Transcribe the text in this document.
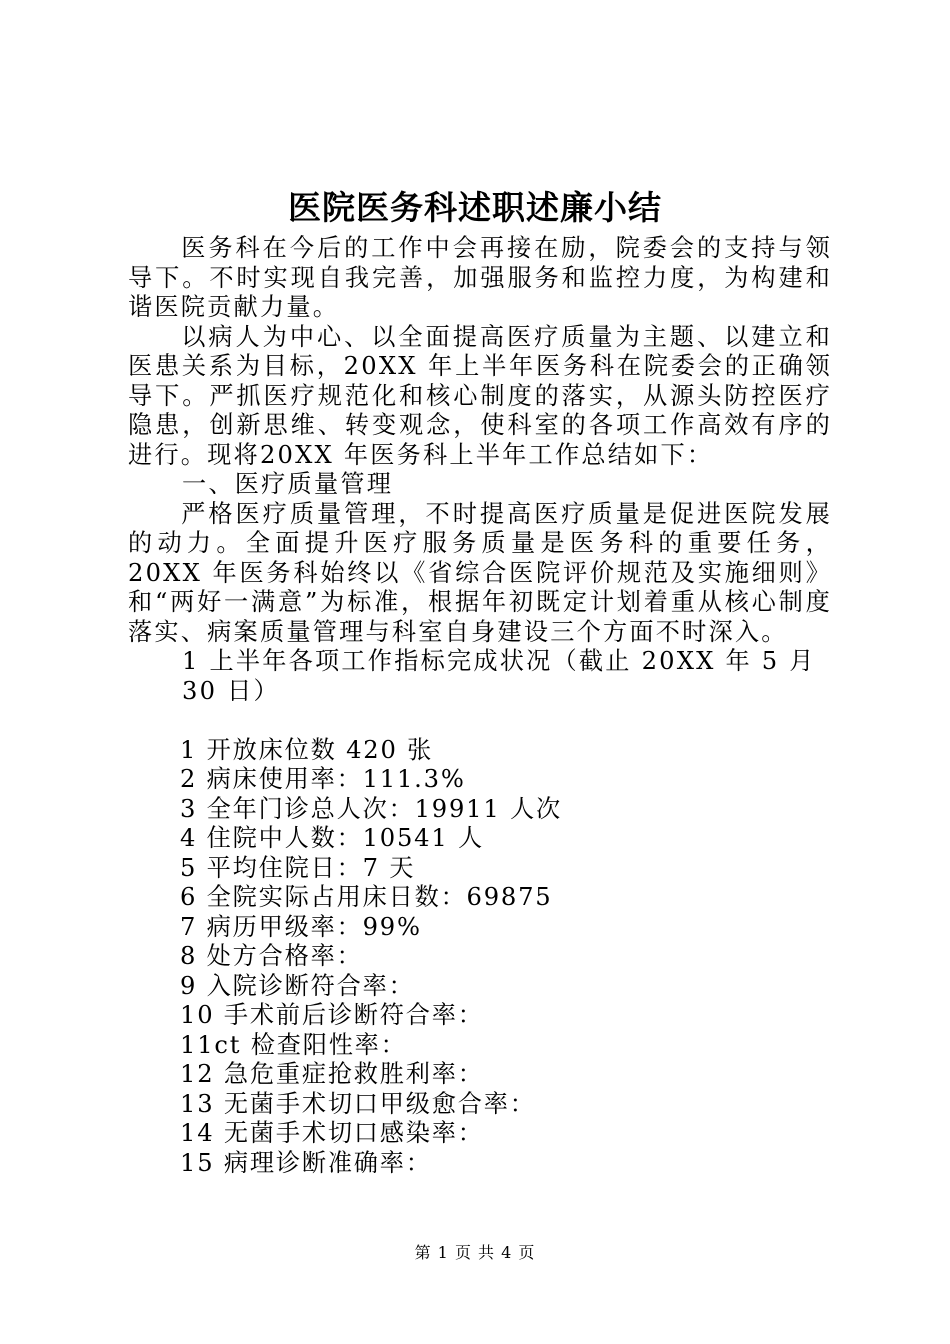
医院医务科述职述廉小结

医务科在今后的工作中会再接在励，院委会的支持与领导下。不时实现自我完善，加强服务和监控力度，为构建和谐医院贡献力量。

以病人为中心、以全面提高医疗质量为主题、以建立和医患关系为目标，20XX 年上半年医务科在院委会的正确领导下。严抓医疗规范化和核心制度的落实，从源头防控医疗隐患，创新思维、转变观念，使科室的各项工作高效有序的进行。现将20XX 年医务科上半年工作总结如下：

一、医疗质量管理

严格医疗质量管理，不时提高医疗质量是促进医院发展的动力。全面提升医疗服务质量是医务科的重要任务，20XX 年医务科始终以《省综合医院评价规范及实施细则》和“两好一满意”为标准，根据年初既定计划着重从核心制度落实、病案质量管理与科室自身建设三个方面不时深入。

1 上半年各项工作指标完成状况（截止 20XX 年 5 月 30 日）

1 开放床位数 420 张
2 病床使用率：111.3%
3 全年门诊总人次：19911 人次
4 住院中人数：10541 人
5 平均住院日：7 天
6 全院实际占用床日数：69875
7 病历甲级率：99%
8 处方合格率：
9 入院诊断符合率：
10 手术前后诊断符合率：
11ct 检查阳性率：
12 急危重症抢救胜利率：
13 无菌手术切口甲级愈合率：
14 无菌手术切口感染率：
15 病理诊断准确率：
第 1 页 共 4 页
